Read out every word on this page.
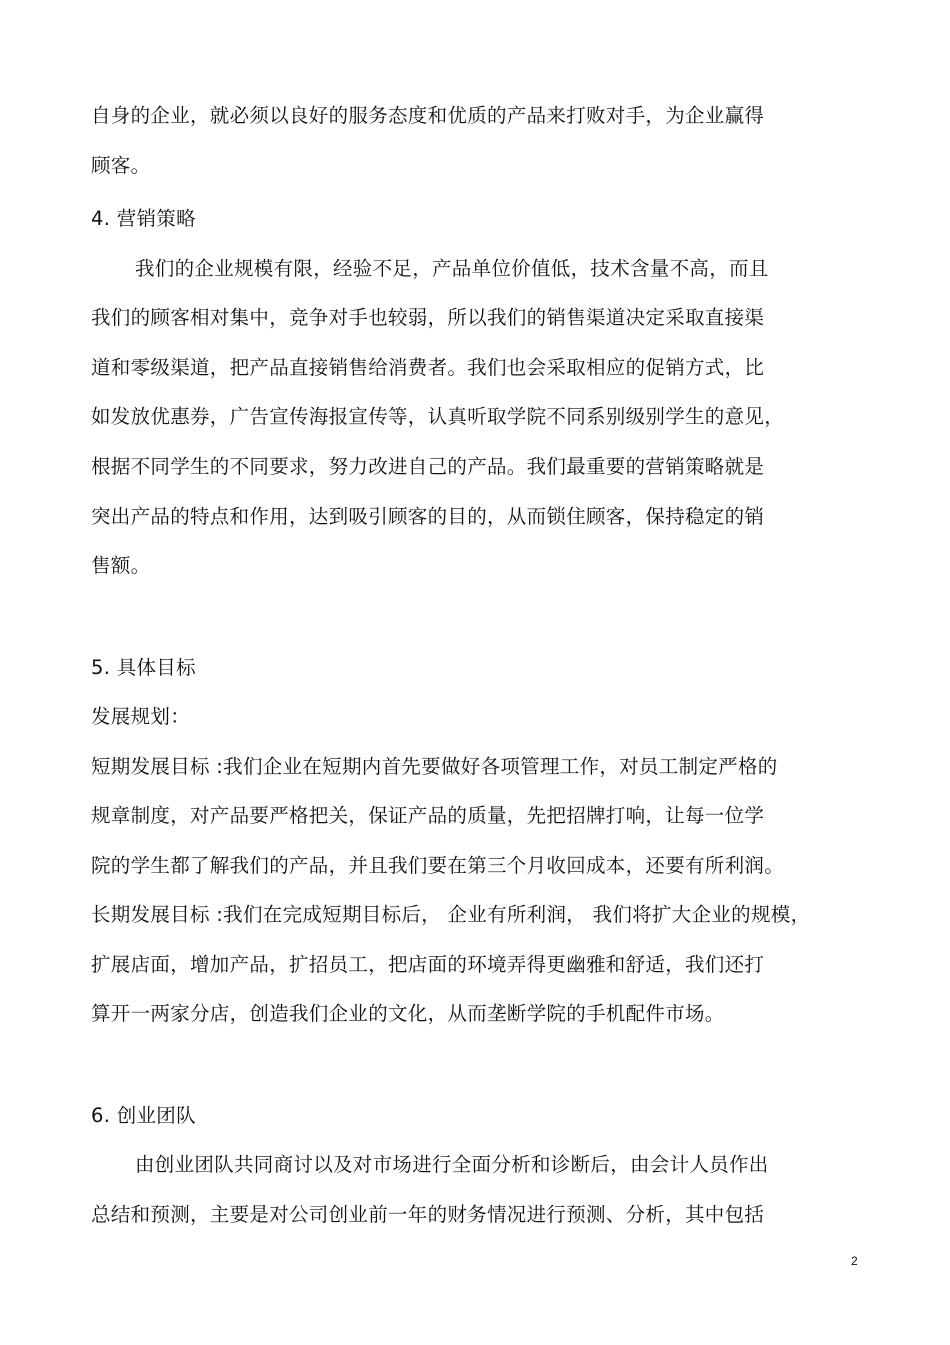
自身的企业，就必须以良好的服务态度和优质的产品来打败对手，为企业赢得
顾客。
4. 营销策略
我们的企业规模有限，经验不足，产品单位价值低，技术含量不高，而且
我们的顾客相对集中，竞争对手也较弱，所以我们的销售渠道决定采取直接渠
道和零级渠道，把产品直接销售给消费者。我们也会采取相应的促销方式，比
如发放优惠券，广告宣传海报宣传等，认真听取学院不同系别级别学生的意见，
根据不同学生的不同要求，努力改进自己的产品。我们最重要的营销策略就是
突出产品的特点和作用，达到吸引顾客的目的，从而锁住顾客，保持稳定的销
售额。
5. 具体目标
发展规划：
短期发展目标 :我们企业在短期内首先要做好各项管理工作，对员工制定严格的
规章制度，对产品要严格把关，保证产品的质量，先把招牌打响，让每一位学
院的学生都了解我们的产品，并且我们要在第三个月收回成本，还要有所利润。
长期发展目标 :我们在完成短期目标后， 企业有所利润， 我们将扩大企业的规模，
扩展店面，增加产品，扩招员工，把店面的环境弄得更幽雅和舒适，我们还打
算开一两家分店，创造我们企业的文化，从而垄断学院的手机配件市场。
6. 创业团队
由创业团队共同商讨以及对市场进行全面分析和诊断后，由会计人员作出
总结和预测，主要是对公司创业前一年的财务情况进行预测、分析，其中包括
2
